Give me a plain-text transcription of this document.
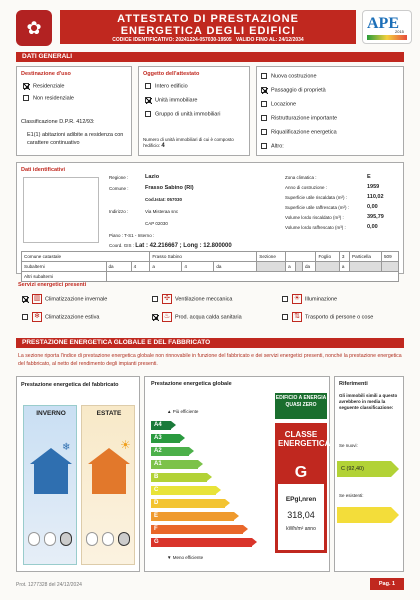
✿	ATTESTATO DI PRESTAZIONE
ENERGETICA DEGLI EDIFICI
CODICE IDENTIFICATIVO: 20241224-057030-19505 VALIDO FINO AL: 24/12/2034
APE
2015
DATI GENERALI
Destinazione d'uso
Residenziale
Non residenziale
Classificazione D.P.R. 412/93:
E1(1) abitazioni adibite a residenza con carattere continuativo
Oggetto dell'attestato
Intero edificio
Unità immobiliare
Gruppo di unità immobiliari
Numero di unità immobiliari di cui è composto l'edificio: 4
Nuova costruzione
Passaggio di proprietà
Locazione
Ristrutturazione importante
Riqualificazione energetica
Altro:
Dati identificativi
Regione :	Lazio
Comune :	Frasso Sabino (RI)
Cod.Istat: 057030
Indirizzo :	Via Misteraa snc
CAP 02030
Piano : T-S1 - Interno :
Coord. GIS : Lat : 42.216667 ; Long : 12.800000
Zona climatica :	E
Anno di costruzione :	1959
Superficie utile riscaldata (m²) :	110,02
Superficie utile raffrescata (m²) :	0,00
Volume lordo riscaldato (m³) :	395,79
Volume lordo raffrescato (m³) :	0,00
Comune catastale			Frasso Sabino			Sezione				Foglio	3	Particella	509
Subalterni	da	4	a	4	da		a		da		a		
Altri subalterni													
Servizi energetici presenti
▥ Climatizzazione invernale	✣ Ventilazione meccanica	☀ Illuminazione
❄ Climatizzazione estiva	♨ Prod. acqua calda sanitaria	⇅ Trasporto di persone o cose
PRESTAZIONE ENERGETICA GLOBALE E DEL FABBRICATO
La sezione riporta l'indice di prestazione energetica globale non rinnovabile in funzione del fabbricato e dei servizi energetici presenti, nonché la prestazione energetica del fabbricato, al netto del rendimento degli impianti presenti.
Prestazione energetica del fabbricato
INVERNO
❄
ESTATE
☀
Prestazione energetica globale
▲ Più efficiente
A4
A3
A2
A1
B
C
D
E
F
G
▼ Meno efficiente
EDIFICIO A ENERGIA QUASI ZERO
CLASSE ENERGETICA
G
EPgl,nren
318,04
kWh/m² anno
Riferimenti
Gli immobili simili a questo avrebbero in media la seguente classificazione:
Se nuovi:
C (92,40)
Se esistenti:
Prot. 1277328 del 24/12/2024	Pag. 1
